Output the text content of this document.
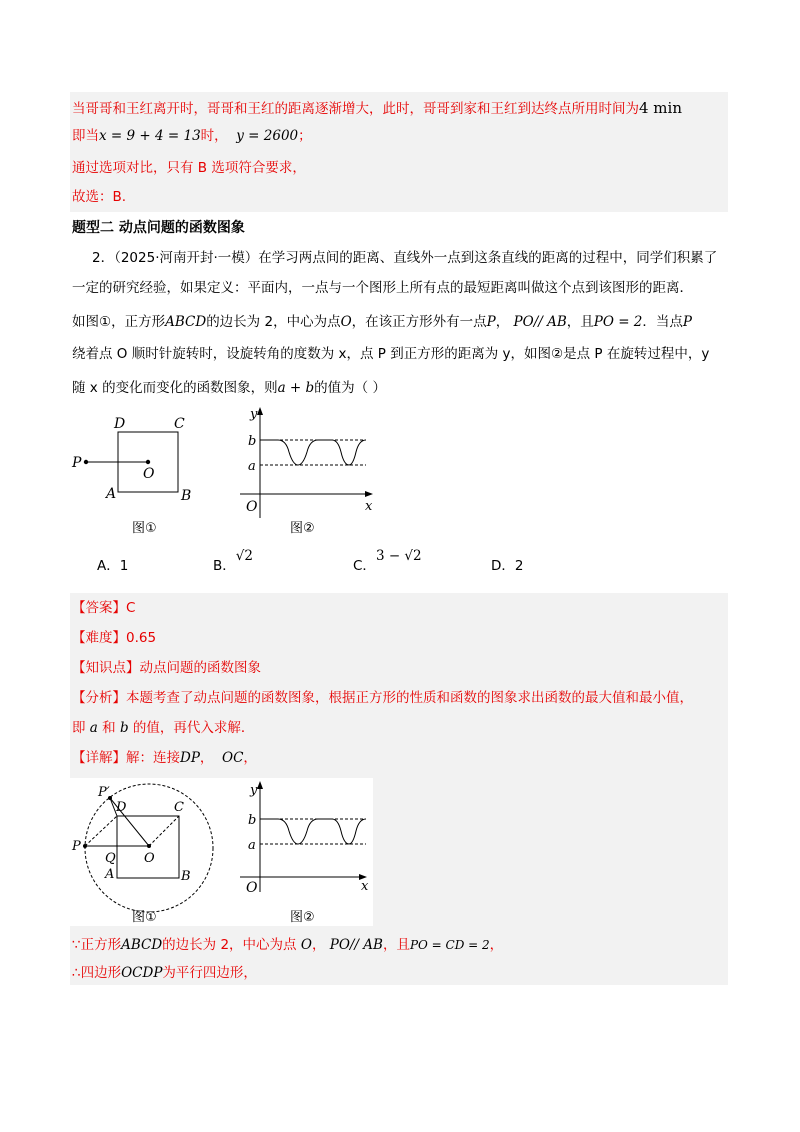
当哥哥和王红离开时，哥哥和王红的距离逐渐增大，此时，哥哥到家和王红到达终点所用时间为4 min
即当x = 9 + 4 = 13时， y = 2600；
通过选项对比，只有 B 选项符合要求，
故选：B.
题型二 动点问题的函数图象
2．（2025·河南开封·一模）在学习两点间的距离、直线外一点到这条直线的距离的过程中，同学们积累了
一定的研究经验，如果定义：平面内，一点与一个图形上所有点的最短距离叫做这个点到该图形的距离．
如图①，正方形ABCD的边长为 2，中心为点O，在该正方形外有一点P， PO// AB，且PO = 2．当点P
绕着点 O 顺时针旋转时，设旋转角的度数为 x，点 P 到正方形的距离为 y，如图②是点 P 在旋转过程中，y
随 x 的变化而变化的函数图象，则a + b的值为（ ）
D	C
A	B
O
P
图①
y
b
a
O	x
图②
A．1	B．√2
C．3 − √2
D．2
【答案】C
【难度】0.65
【知识点】动点问题的函数图象
【分析】本题考查了动点问题的函数图象，根据正方形的性质和函数的图象求出函数的最大值和最小值，
即 a 和 b 的值，再代入求解．
【详解】解：连接DP， OC，
P′
D	C
P
Q O
A	B
图①
y
b
a
O	x
图②
∵正方形ABCD的边长为 2，中心为点 O， PO// AB，且PO = CD = 2，
∴四边形OCDP为平行四边形，
